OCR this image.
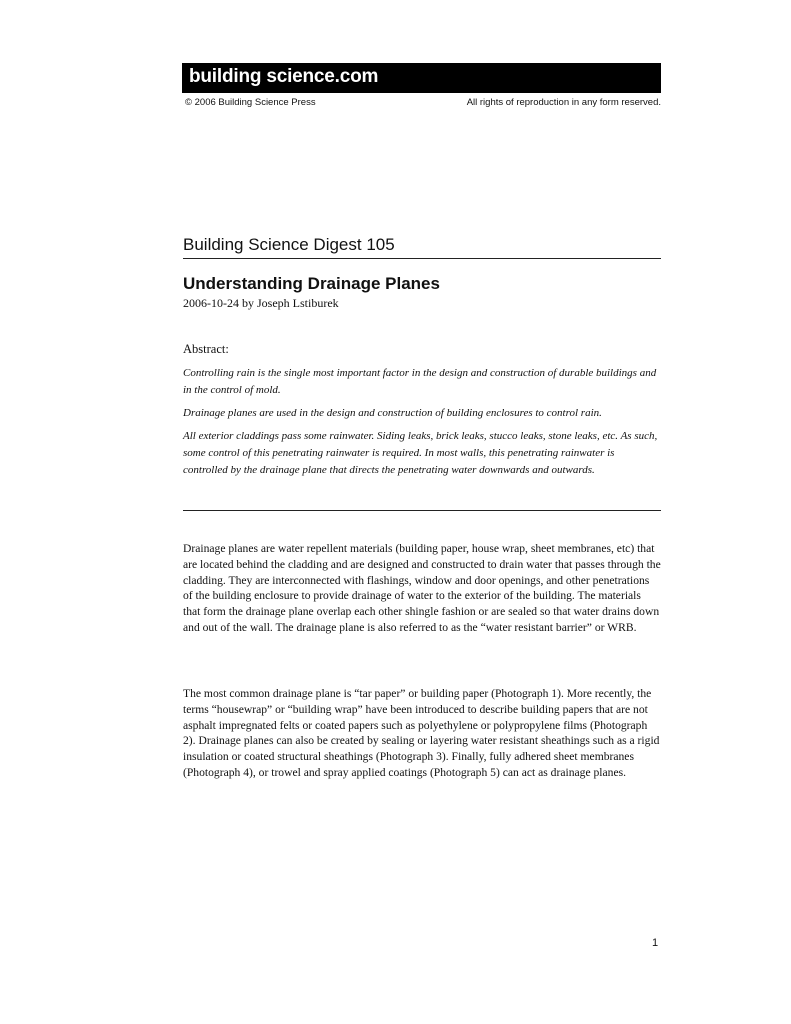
building science.com
© 2006 Building Science Press	All rights of reproduction in any form reserved.
Building Science Digest 105
Understanding Drainage Planes
2006-10-24 by Joseph Lstiburek
Abstract:

Controlling rain is the single most important factor in the design and construction of durable buildings and in the control of mold.

Drainage planes are used in the design and construction of building enclosures to control rain.

All exterior claddings pass some rainwater. Siding leaks, brick leaks, stucco leaks, stone leaks, etc. As such, some control of this penetrating rainwater is required. In most walls, this penetrating rainwater is controlled by the drainage plane that directs the penetrating water downwards and outwards.

Drainage planes are water repellent materials (building paper, house wrap, sheet membranes, etc) that are located behind the cladding and are designed and constructed to drain water that passes through the cladding. They are interconnected with flashings, window and door openings, and other penetrations of the building enclosure to provide drainage of water to the exterior of the building. The materials that form the drainage plane overlap each other shingle fashion or are sealed so that water drains down and out of the wall. The drainage plane is also referred to as the “water resistant barrier” or WRB.

The most common drainage plane is “tar paper” or building paper (Photograph 1). More recently, the terms “housewrap” or “building wrap” have been introduced to describe building papers that are not asphalt impregnated felts or coated papers such as polyethylene or polypropylene films (Photograph 2). Drainage planes can also be created by sealing or layering water resistant sheathings such as a rigid insulation or coated structural sheathings (Photograph 3). Finally, fully adhered sheet membranes (Photograph 4), or trowel and spray applied coatings (Photograph 5) can act as drainage planes.

1
